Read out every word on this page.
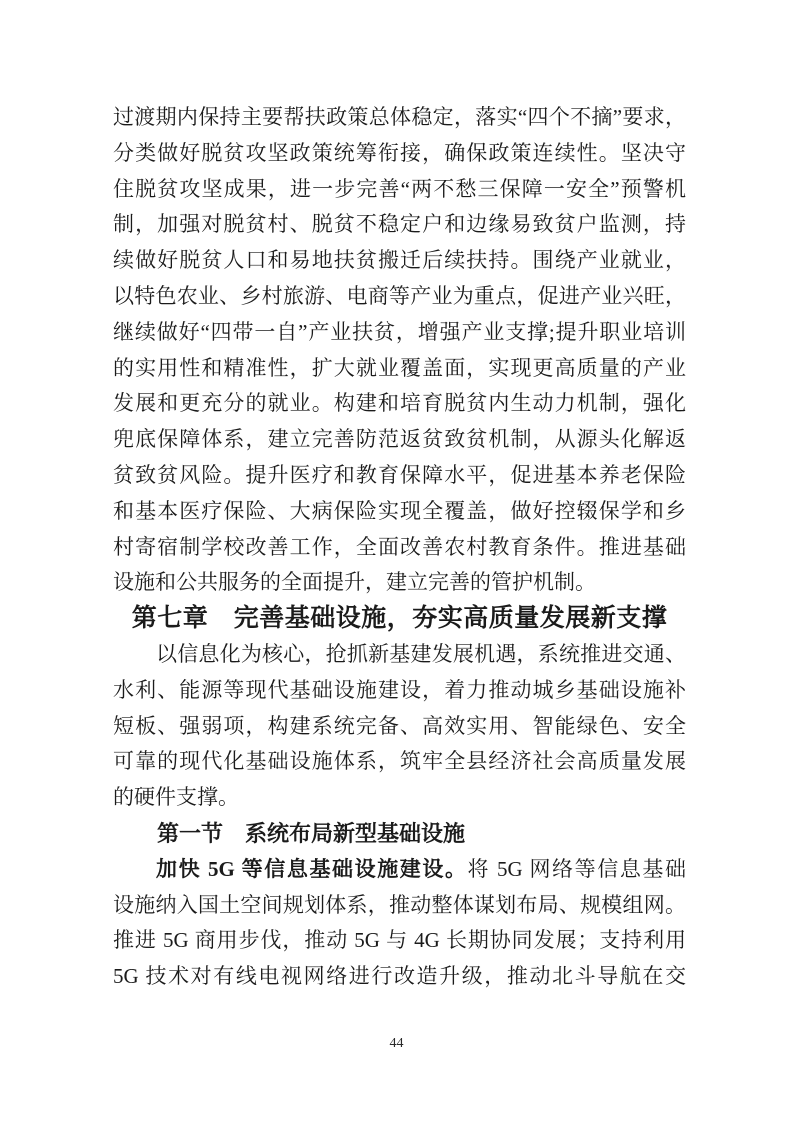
过渡期内保持主要帮扶政策总体稳定，落实“四个不摘”要求，
分类做好脱贫攻坚政策统筹衔接，确保政策连续性。坚决守
住脱贫攻坚成果，进一步完善“两不愁三保障一安全”预警机
制，加强对脱贫村、脱贫不稳定户和边缘易致贫户监测，持
续做好脱贫人口和易地扶贫搬迁后续扶持。围绕产业就业，
以特色农业、乡村旅游、电商等产业为重点，促进产业兴旺，
继续做好“四带一自”产业扶贫，增强产业支撑;提升职业培训
的实用性和精准性，扩大就业覆盖面，实现更高质量的产业
发展和更充分的就业。构建和培育脱贫内生动力机制，强化
兜底保障体系，建立完善防范返贫致贫机制，从源头化解返
贫致贫风险。提升医疗和教育保障水平，促进基本养老保险
和基本医疗保险、大病保险实现全覆盖，做好控辍保学和乡
村寄宿制学校改善工作，全面改善农村教育条件。推进基础
设施和公共服务的全面提升，建立完善的管护机制。
第七章　完善基础设施，夯实高质量发展新支撑
以信息化为核心，抢抓新基建发展机遇，系统推进交通、
水利、能源等现代基础设施建设，着力推动城乡基础设施补
短板、强弱项，构建系统完备、高效实用、智能绿色、安全
可靠的现代化基础设施体系，筑牢全县经济社会高质量发展
的硬件支撑。
第一节　系统布局新型基础设施
加快 5G 等信息基础设施建设。将 5G 网络等信息基础
设施纳入国土空间规划体系，推动整体谋划布局、规模组网。
推进 5G 商用步伐，推动 5G 与 4G 长期协同发展；支持利用
5G 技术对有线电视网络进行改造升级，推动北斗导航在交
44
